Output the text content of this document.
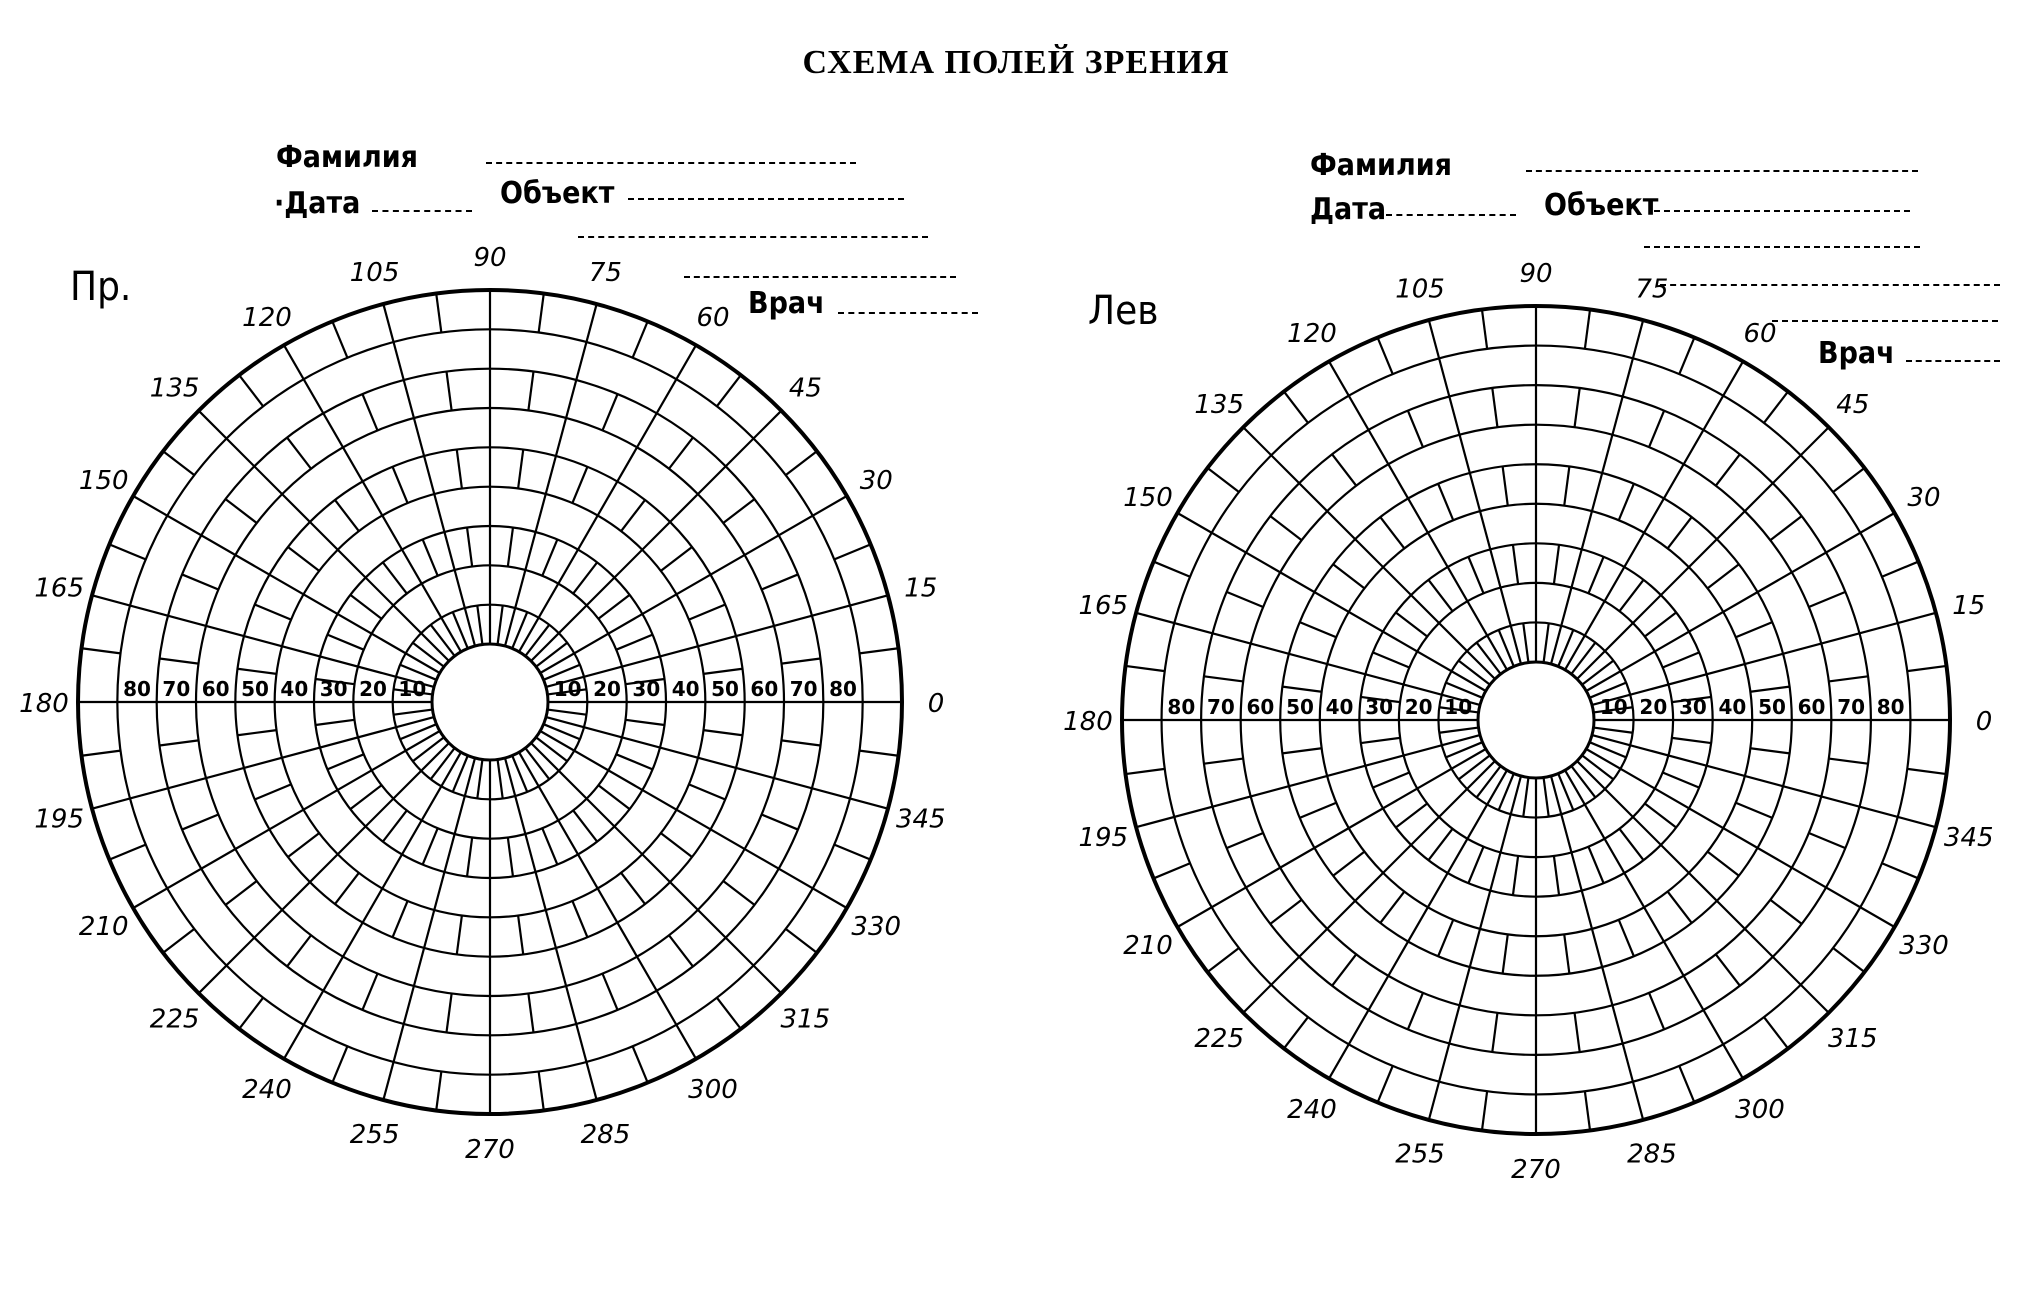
СХЕМА ПОЛЕЙ ЗРЕНИЯ
Фамилия
·Дата	Объект
Врач
Фамилия
Дата	Объект
Врач
Пр.
Лев
0
15
30
45
60
75
90
105
120
135
150
165
180
195
210
225
240
255
270
285
300
315
330
345
10
10	20
20	30
30	40
40	50
50	60
60	70
70	80
80
0
15
30
45
60
75
90
105
120
135
150
165
180
195
210
225
240
255
270
285
300
315
330
345
10
10	20
20	30
30	40
40	50
50	60
60	70
70	80
80
